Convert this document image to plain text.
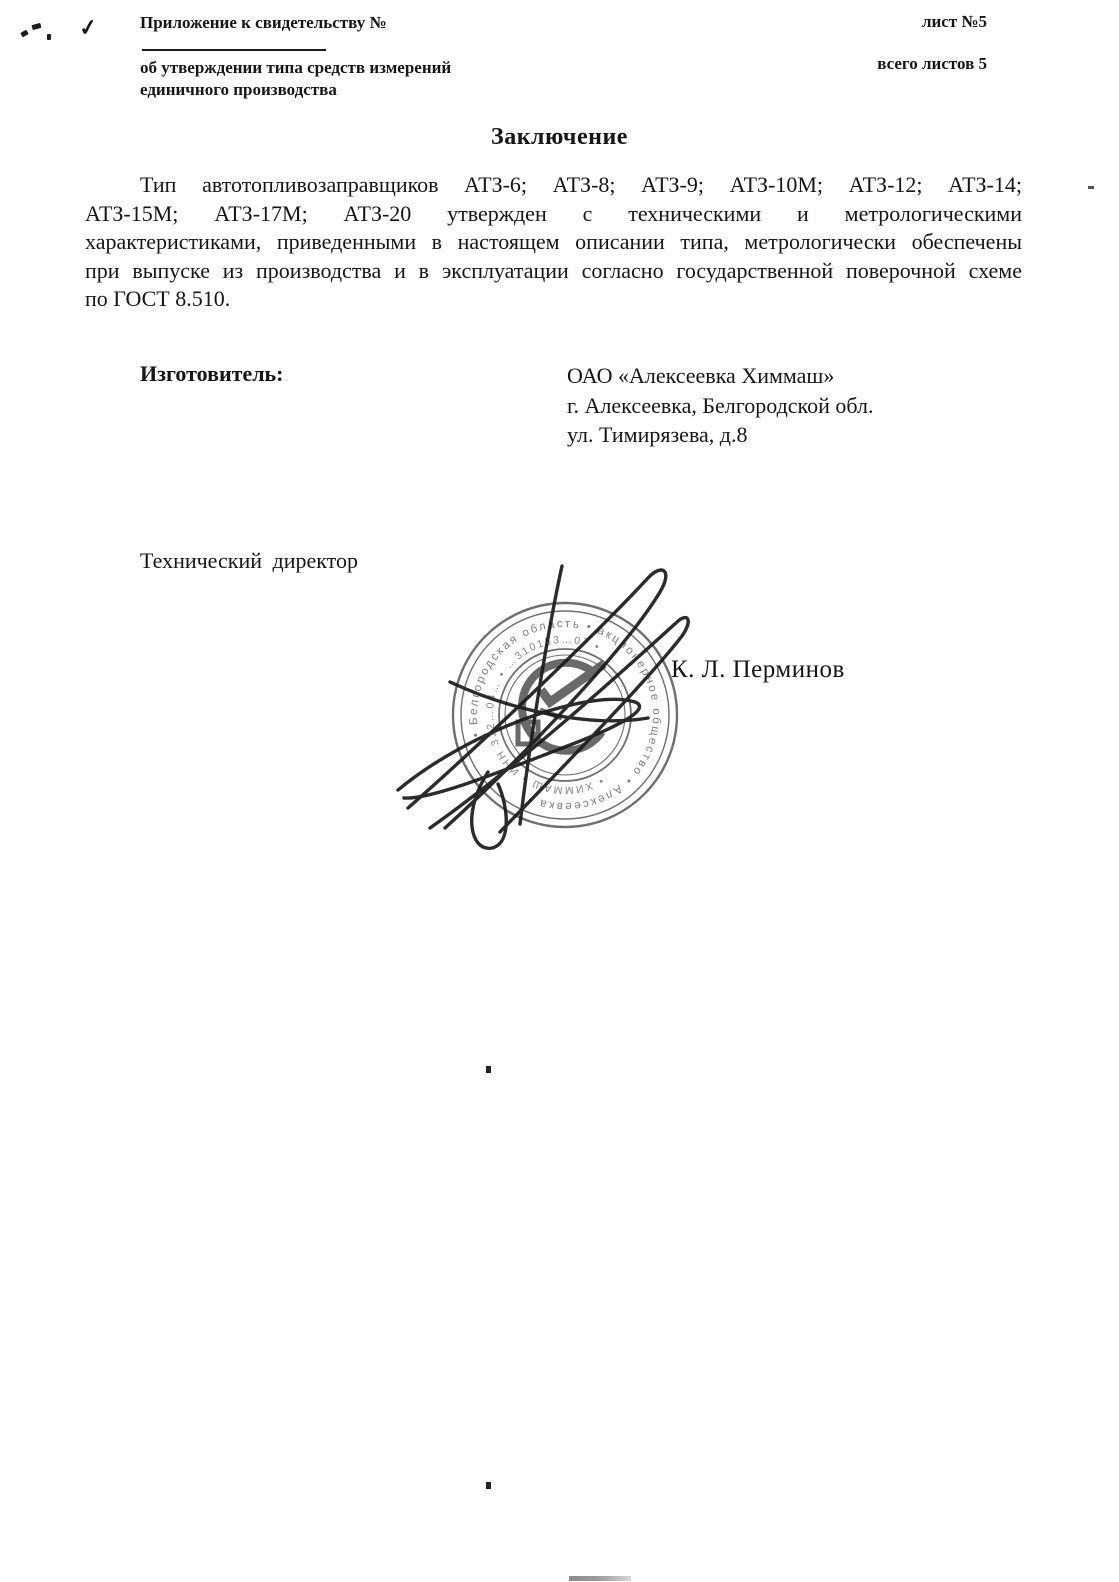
✓ Приложение к свидетельству №
об утверждении типа средств измерений
единичного производства
лист №5
всего листов 5
Заключение
Тип автотопливозаправщиков АТЗ-6; АТЗ-8; АТЗ-9; АТЗ-10М; АТЗ-12; АТЗ-14;
АТЗ-15М; АТЗ-17М; АТЗ-20 утвержден с техническими и метрологическими
характеристиками, приведенными в настоящем описании типа, метрологически обеспечены
при выпуске из производства и в эксплуатации согласно государственной поверочной схеме
по ГОСТ 8.510.
Изготовитель:	ОАО «Алексеевка Химмаш»
г. Алексеевка, Белгородской обл.
ул. Тимирязева, д.8
Технический директор
К. Л. Перминов
• Белгородская область • акционерное общество • Алексеевка •
• ХИММАШ • ИНН 312…04… • …310153…07 •
